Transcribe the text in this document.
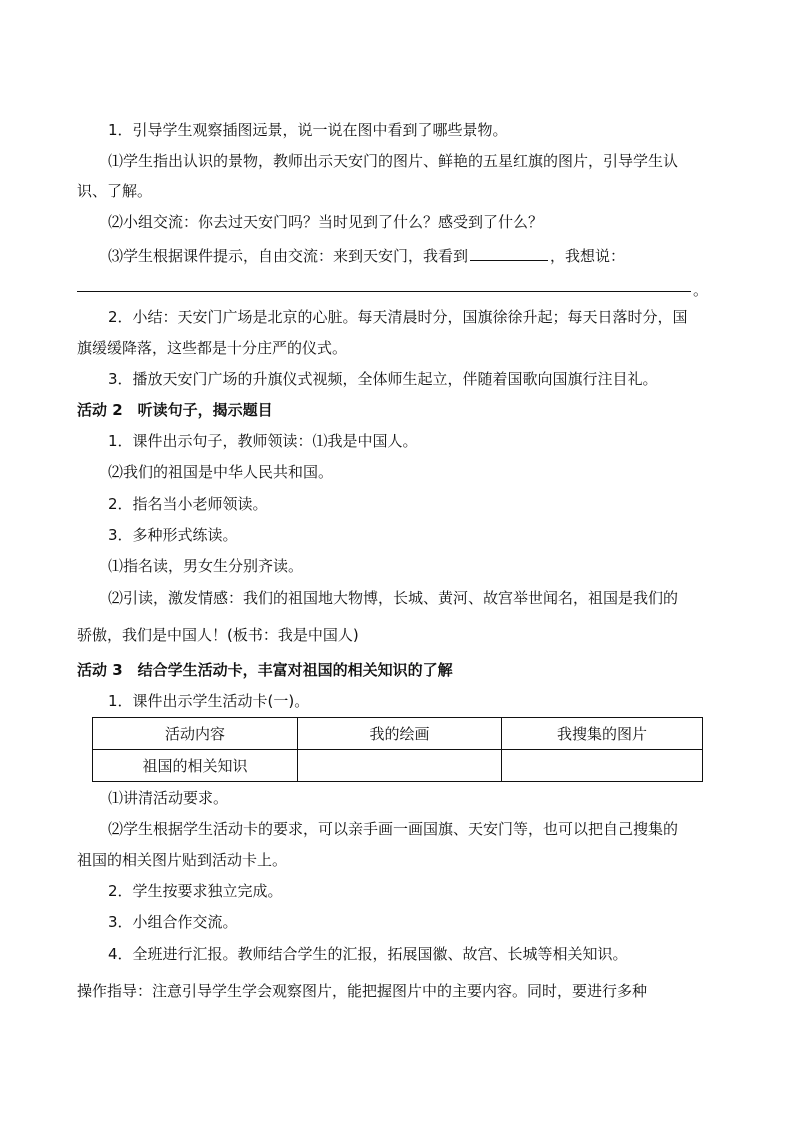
1．引导学生观察插图远景，说一说在图中看到了哪些景物。
⑴学生指出认识的景物，教师出示天安门的图片、鲜艳的五星红旗的图片，引导学生认
识、了解。
⑵小组交流：你去过天安门吗？当时见到了什么？感受到了什么？
⑶学生根据课件提示，自由交流：来到天安门，我看到	，我想说：
。
2．小结：天安门广场是北京的心脏。每天清晨时分，国旗徐徐升起；每天日落时分，国
旗缓缓降落，这些都是十分庄严的仪式。
3．播放天安门广场的升旗仪式视频，全体师生起立，伴随着国歌向国旗行注目礼。
活动 2　听读句子，揭示题目
1．课件出示句子，教师领读：⑴我是中国人。
⑵我们的祖国是中华人民共和国。
2．指名当小老师领读。
3．多种形式练读。
⑴指名读，男女生分别齐读。
⑵引读，激发情感：我们的祖国地大物博，长城、黄河、故宫举世闻名，祖国是我们的
骄傲，我们是中国人！(板书：我是中国人)
活动 3　结合学生活动卡，丰富对祖国的相关知识的了解
1．课件出示学生活动卡(一)。
活动内容	我的绘画	我搜集的图片
祖国的相关知识		
⑴讲清活动要求。
⑵学生根据学生活动卡的要求，可以亲手画一画国旗、天安门等，也可以把自己搜集的
祖国的相关图片贴到活动卡上。
2．学生按要求独立完成。
3．小组合作交流。
4．全班进行汇报。教师结合学生的汇报，拓展国徽、故宫、长城等相关知识。
操作指导：注意引导学生学会观察图片，能把握图片中的主要内容。同时，要进行多种
